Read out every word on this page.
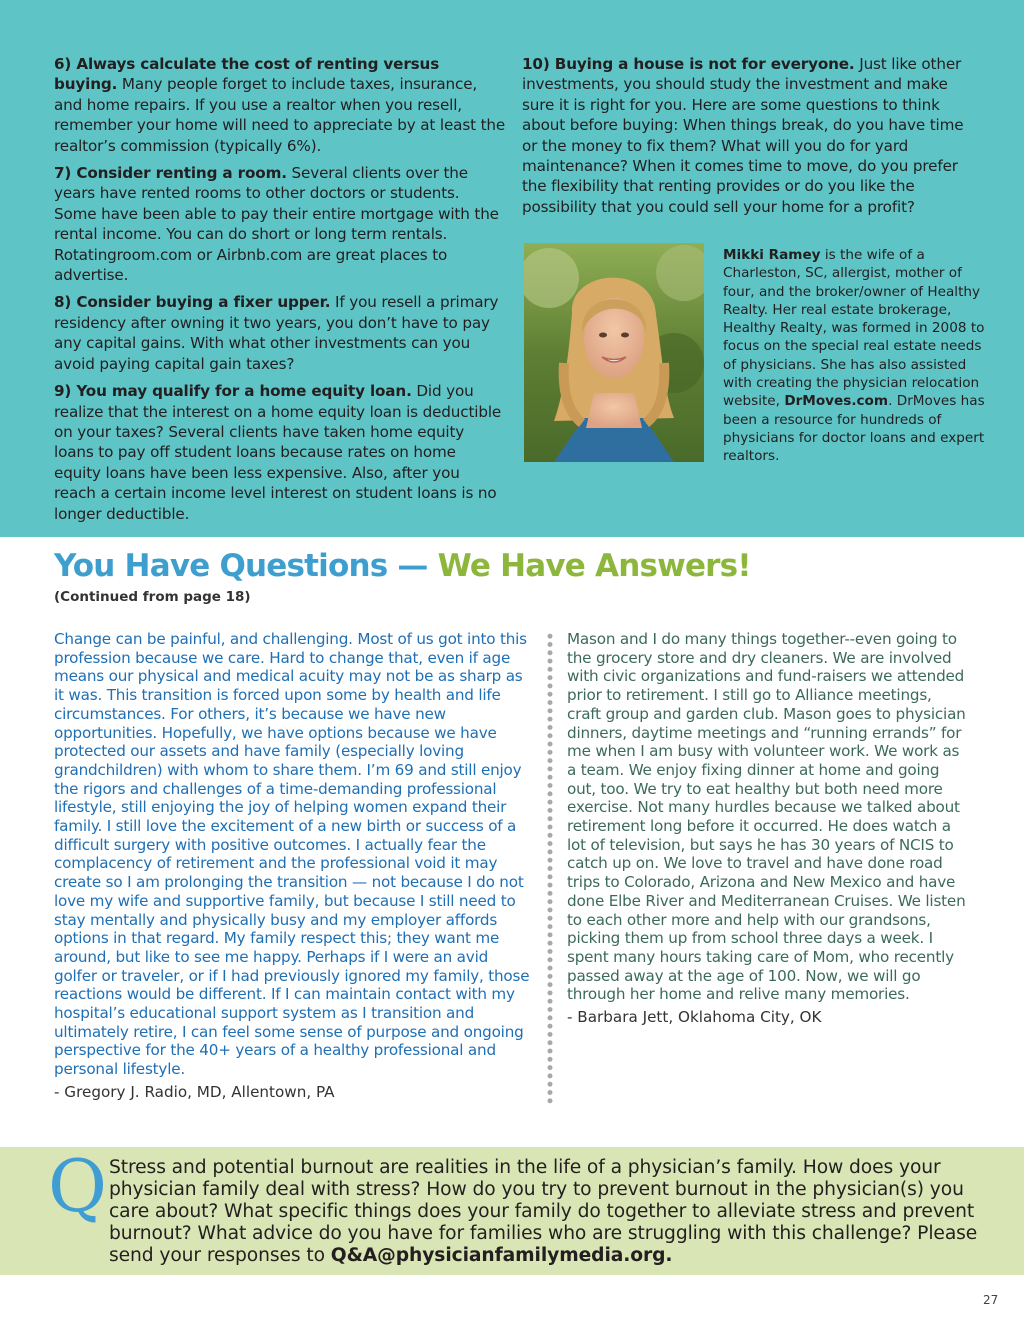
6) Always calculate the cost of renting versus buying. Many people forget to include taxes, insurance, and home repairs. If you use a realtor when you resell, remember your home will need to appreciate by at least the realtor’s commission (typically 6%).

7) Consider renting a room. Several clients over the years have rented rooms to other doctors or students. Some have been able to pay their entire mortgage with the rental income. You can do short or long term rentals. Rotatingroom.com or Airbnb.com are great places to advertise.

8) Consider buying a fixer upper. If you resell a primary residency after owning it two years, you don’t have to pay any capital gains. With what other investments can you avoid paying capital gain taxes?

9) You may qualify for a home equity loan. Did you realize that the interest on a home equity loan is deductible on your taxes? Several clients have taken home equity loans to pay off student loans because rates on home equity loans have been less expensive. Also, after you reach a certain income level interest on student loans is no longer deductible.

10) Buying a house is not for everyone. Just like other investments, you should study the investment and make sure it is right for you. Here are some questions to think about before buying: When things break, do you have time or the money to fix them? What will you do for yard maintenance? When it comes time to move, do you prefer the flexibility that renting provides or do you like the possibility that you could sell your home for a profit?

Mikki Ramey is the wife of a Charleston, SC, allergist, mother of four, and the broker/owner of Healthy Realty. Her real estate brokerage, Healthy Realty, was formed in 2008 to focus on the special real estate needs of physicians. She has also assisted with creating the physician relocation website, DrMoves.com. DrMoves has been a resource for hundreds of physicians for doctor loans and expert realtors.

You Have Questions — We Have Answers!
(Continued from page 18)

Change can be painful, and challenging. Most of us got into this profession because we care. Hard to change that, even if age means our physical and medical acuity may not be as sharp as it was. This transition is forced upon some by health and life circumstances. For others, it’s because we have new opportunities. Hopefully, we have options because we have protected our assets and have family (especially loving grandchildren) with whom to share them. I’m 69 and still enjoy the rigors and challenges of a time-demanding professional lifestyle, still enjoying the joy of helping women expand their family. I still love the excitement of a new birth or success of a difficult surgery with positive outcomes. I actually fear the complacency of retirement and the professional void it may create so I am prolonging the transition — not because I do not love my wife and supportive family, but because I still need to stay mentally and physically busy and my employer affords options in that regard. My family respect this; they want me around, but like to see me happy. Perhaps if I were an avid golfer or traveler, or if I had previously ignored my family, those reactions would be different. If I can maintain contact with my hospital’s educational support system as I transition and ultimately retire, I can feel some sense of purpose and ongoing perspective for the 40+ years of a healthy professional and personal lifestyle.

- Gregory J. Radio, MD, Allentown, PA

Mason and I do many things together--even going to the grocery store and dry cleaners. We are involved with civic organizations and fund-raisers we attended prior to retirement. I still go to Alliance meetings, craft group and garden club. Mason goes to physician dinners, daytime meetings and “running errands” for me when I am busy with volunteer work. We work as a team. We enjoy fixing dinner at home and going out, too. We try to eat healthy but both need more exercise. Not many hurdles because we talked about retirement long before it occurred. He does watch a lot of television, but says he has 30 years of NCIS to catch up on. We love to travel and have done road trips to Colorado, Arizona and New Mexico and have done Elbe River and Mediterranean Cruises. We listen to each other more and help with our grandsons, picking them up from school three days a week. I spent many hours taking care of Mom, who recently passed away at the age of 100. Now, we will go through her home and relive many memories.

- Barbara Jett, Oklahoma City, OK

Q Stress and potential burnout are realities in the life of a physician’s family. How does your physician family deal with stress? How do you try to prevent burnout in the physician(s) you care about? What specific things does your family do together to alleviate stress and prevent burnout? What advice do you have for families who are struggling with this challenge? Please send your responses to Q&A@physicianfamilymedia.org.

27
